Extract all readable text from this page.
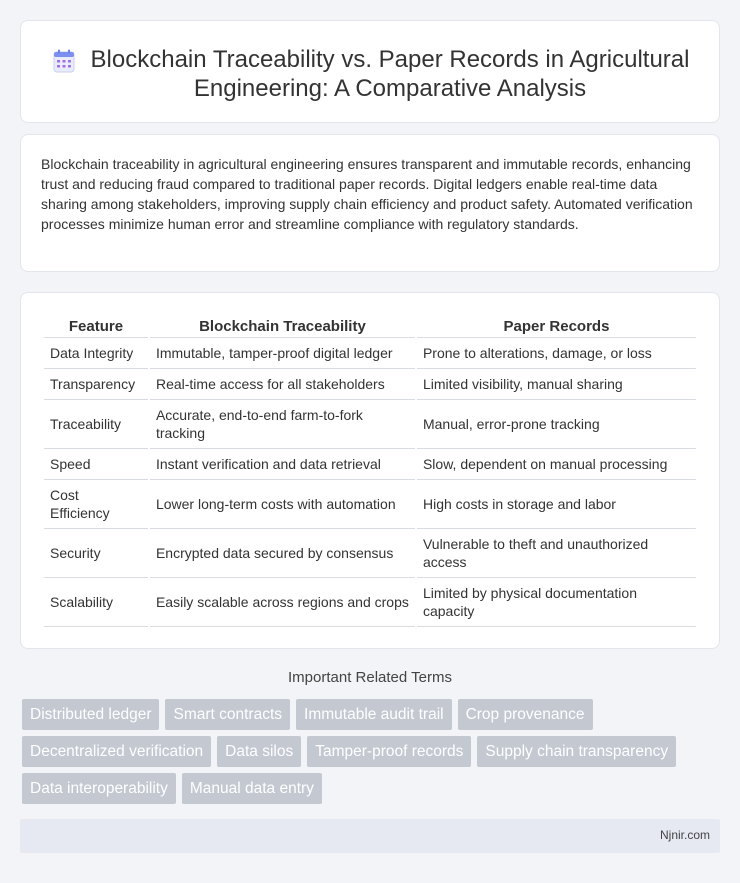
Blockchain Traceability vs. Paper Records in Agricultural Engineering: A Comparative Analysis

Blockchain traceability in agricultural engineering ensures transparent and immutable records, enhancing trust and reducing fraud compared to traditional paper records. Digital ledgers enable real-time data sharing among stakeholders, improving supply chain efficiency and product safety. Automated verification processes minimize human error and streamline compliance with regulatory standards.

Feature	Blockchain Traceability	Paper Records
Data Integrity	Immutable, tamper-proof digital ledger	Prone to alterations, damage, or loss
Transparency	Real-time access for all stakeholders	Limited visibility, manual sharing
Traceability	Accurate, end-to-end farm-to-fork tracking	Manual, error-prone tracking
Speed	Instant verification and data retrieval	Slow, dependent on manual processing
Cost Efficiency	Lower long-term costs with automation	High costs in storage and labor
Security	Encrypted data secured by consensus	Vulnerable to theft and unauthorized access
Scalability	Easily scalable across regions and crops	Limited by physical documentation capacity
Important Related Terms
Distributed ledger	Smart contracts	Immutable audit trail	Crop provenance
Decentralized verification	Data silos	Tamper-proof records	Supply chain transparency
Data interoperability	Manual data entry
Njnir.com
